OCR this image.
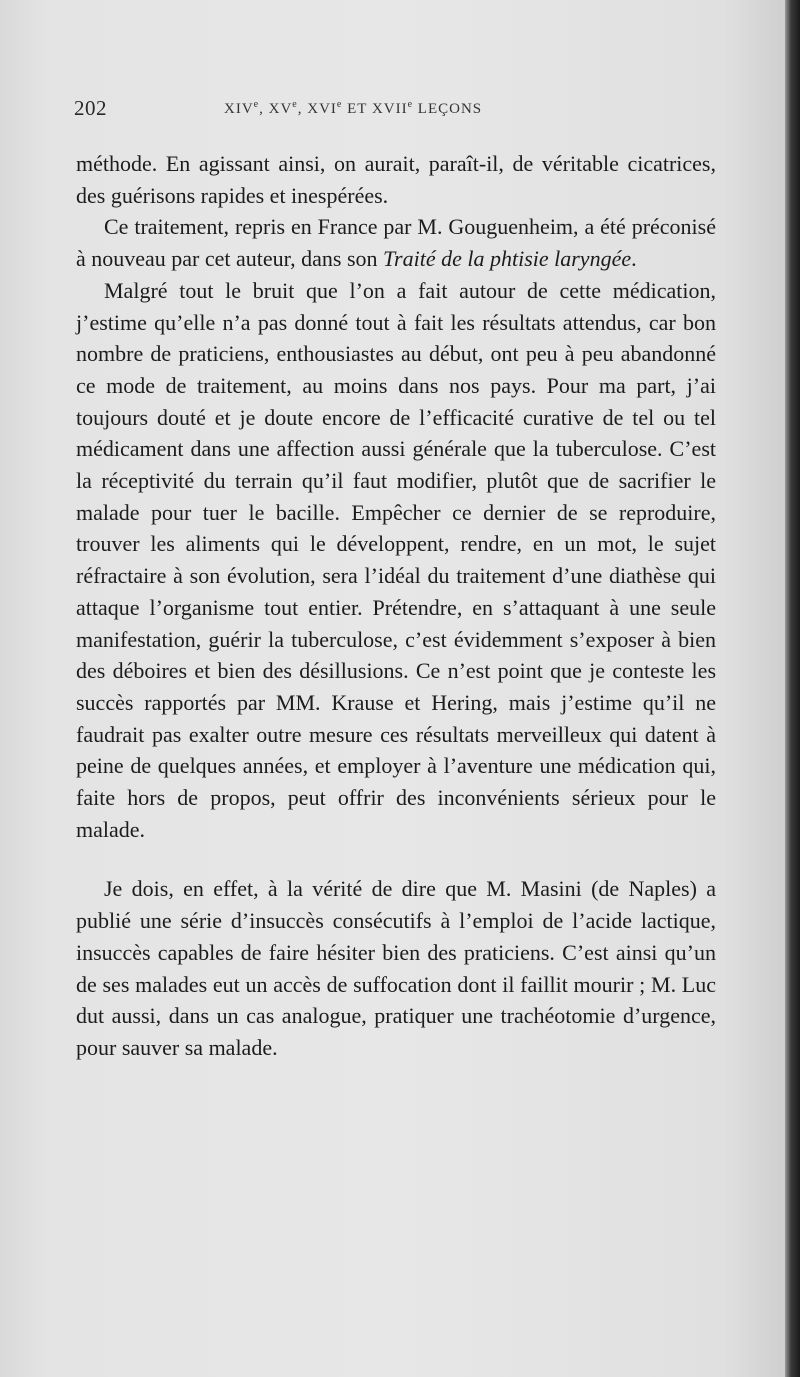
202	XIVe, XVe, XVIe ET XVIIe LEÇONS

méthode. En agissant ainsi, on aurait, paraît-il, de véritable cicatrices, des guérisons rapides et inespérées.

Ce traitement, repris en France par M. Gouguenheim, a été préconisé à nouveau par cet auteur, dans son Traité de la phtisie laryngée.

Malgré tout le bruit que l’on a fait autour de cette médication, j’estime qu’elle n’a pas donné tout à fait les résultats attendus, car bon nombre de praticiens, enthousiastes au début, ont peu à peu abandonné ce mode de traitement, au moins dans nos pays. Pour ma part, j’ai toujours douté et je doute encore de l’efficacité curative de tel ou tel médicament dans une affection aussi générale que la tuberculose. C’est la réceptivité du terrain qu’il faut modifier, plutôt que de sacrifier le malade pour tuer le bacille. Empêcher ce dernier de se reproduire, trouver les aliments qui le développent, rendre, en un mot, le sujet réfractaire à son évolution, sera l’idéal du traitement d’une diathèse qui attaque l’organisme tout entier. Prétendre, en s’attaquant à une seule manifestation, guérir la tuberculose, c’est évidemment s’exposer à bien des déboires et bien des désillusions. Ce n’est point que je conteste les succès rapportés par MM. Krause et Hering, mais j’estime qu’il ne faudrait pas exalter outre mesure ces résultats merveilleux qui datent à peine de quelques années, et employer à l’aventure une médication qui, faite hors de propos, peut offrir des inconvénients sérieux pour le malade.

Je dois, en effet, à la vérité de dire que M. Masini (de Naples) a publié une série d’insuccès consécutifs à l’emploi de l’acide lactique, insuccès capables de faire hésiter bien des praticiens. C’est ainsi qu’un de ses malades eut un accès de suffocation dont il faillit mourir ; M. Luc dut aussi, dans un cas analogue, pratiquer une trachéotomie d’urgence, pour sauver sa malade.
